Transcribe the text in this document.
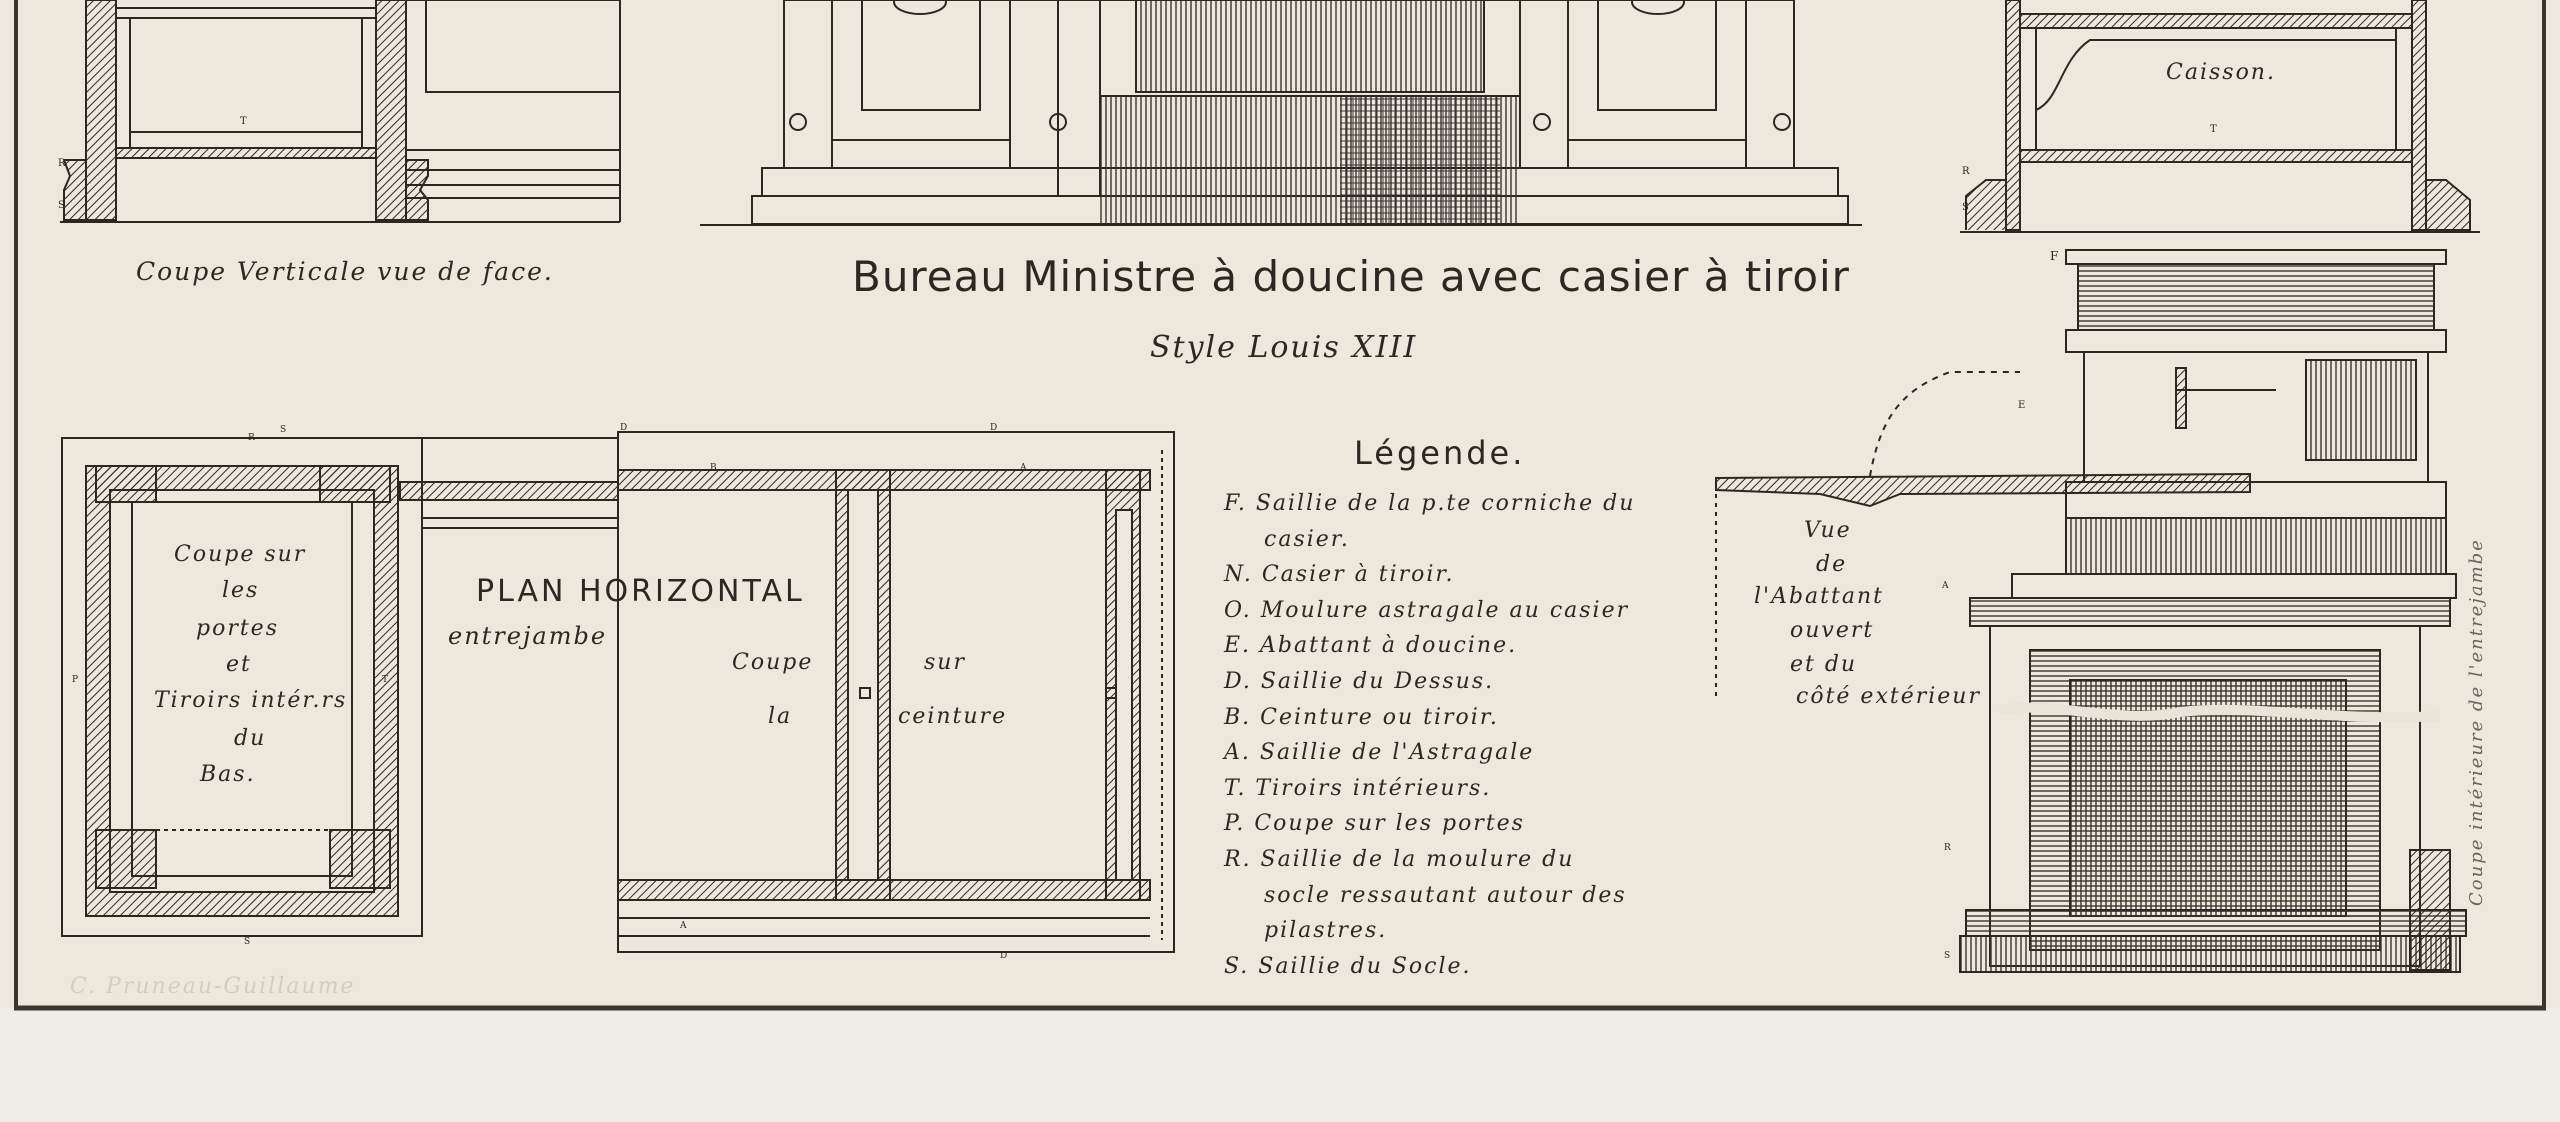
R
S
T
T
R
S
S
R
D	D
B	A
S
A
D
P	T
F
E
A
R
S
Coupe Verticale vue de face.	Bureau Ministre à doucine avec casier à tiroir
Style Louis XIII
Caisson.
PLAN HORIZONTAL
entrejambe
Coupe sur
les
portes
et
Tiroirs intér.rs
du
Bas.
Coupe	sur
la	ceinture
Légende.
F. Saillie de la p.te corniche du
casier.
N. Casier à tiroir.
O. Moulure astragale au casier
E. Abattant à doucine.
D. Saillie du Dessus.
B. Ceinture ou tiroir.
A. Saillie de l'Astragale
T. Tiroirs intérieurs.
P. Coupe sur les portes
R. Saillie de la moulure du
socle ressautant autour des
pilastres.
S. Saillie du Socle.
Vue
de
l'Abattant
ouvert
et du
côté extérieur	Coupe intérieure de l'entrejambe
C. Pruneau-Guillaume
